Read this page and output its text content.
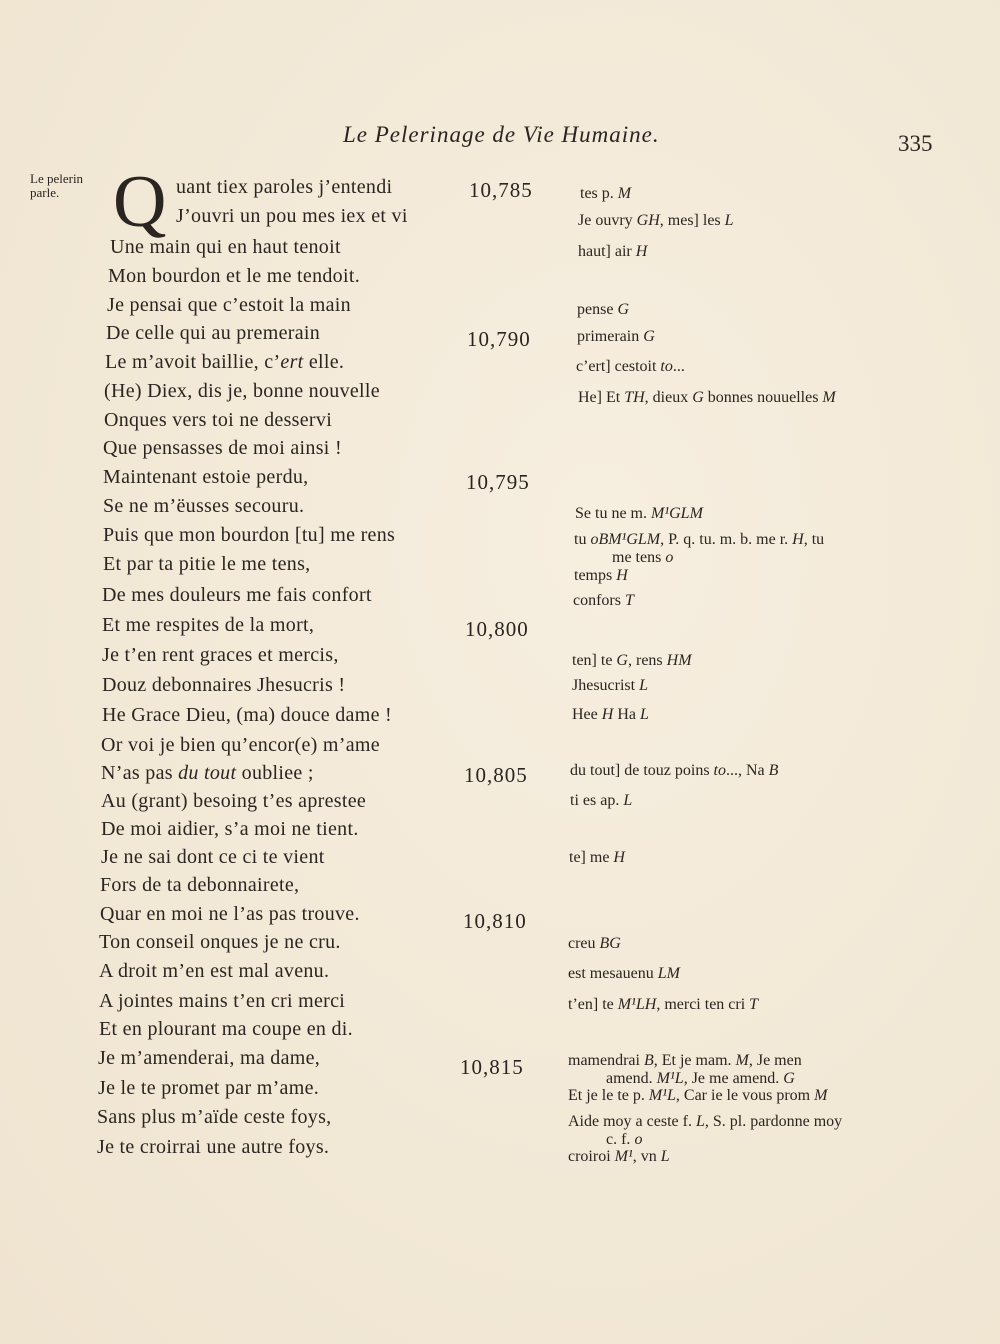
Le Pelerinage de Vie Humaine.	335
Le pelerin
parle. Q uant tiex paroles j’entendi
J’ouvri un pou mes iex et vi
Une main qui en haut tenoit
Mon bourdon et le me tendoit.
Je pensai que c’estoit la main
De celle qui au premerain
Le m’avoit baillie, c’ert elle.
(He) Diex, dis je, bonne nouvelle
Onques vers toi ne desservi
Que pensasses de moi ainsi !
Maintenant estoie perdu,
Se ne m’ëusses secouru.
Puis que mon bourdon [tu] me rens
Et par ta pitie le me tens,
De mes douleurs me fais confort
Et me respites de la mort,
Je t’en rent graces et mercis,
Douz debonnaires Jhesucris !
He Grace Dieu, (ma) douce dame !
Or voi je bien qu’encor(e) m’ame
N’as pas du tout oubliee ;
Au (grant) besoing t’es aprestee
De moi aidier, s’a moi ne tient.
Je ne sai dont ce ci te vient
Fors de ta debonnairete,
Quar en moi ne l’as pas trouve.
Ton conseil onques je ne cru.
A droit m’en est mal avenu.
A jointes mains t’en cri merci
Et en plourant ma coupe en di.
Je m’amenderai, ma dame,
Je le te promet par m’ame.
Sans plus m’aïde ceste foys,
Je te croirrai une autre foys.
10,785
10,790
10,795
10,800
10,805
10,810
10,815
tes p. M
Je ouvry GH, mes] les L
haut] air H
pense G
primerain G
c’ert] cestoit to...
He] Et TH, dieux G bonnes nouuelles M
Se tu ne m. M¹GLM
tu oBM¹GLM, P. q. tu. m. b. me r. H, tu
me tens o
temps H
confors T
ten] te G, rens HM
Jhesucrist L
Hee H Ha L
du tout] de touz poins to..., Na B
ti es ap. L
te] me H
creu BG
est mesauenu LM
t’en] te M¹LH, merci ten cri T
mamendrai B, Et je mam. M, Je men
amend. M¹L, Je me amend. G
Et je le te p. M¹L, Car ie le vous prom M
Aide moy a ceste f. L, S. pl. pardonne moy
c. f. o
croiroi M¹, vn L
